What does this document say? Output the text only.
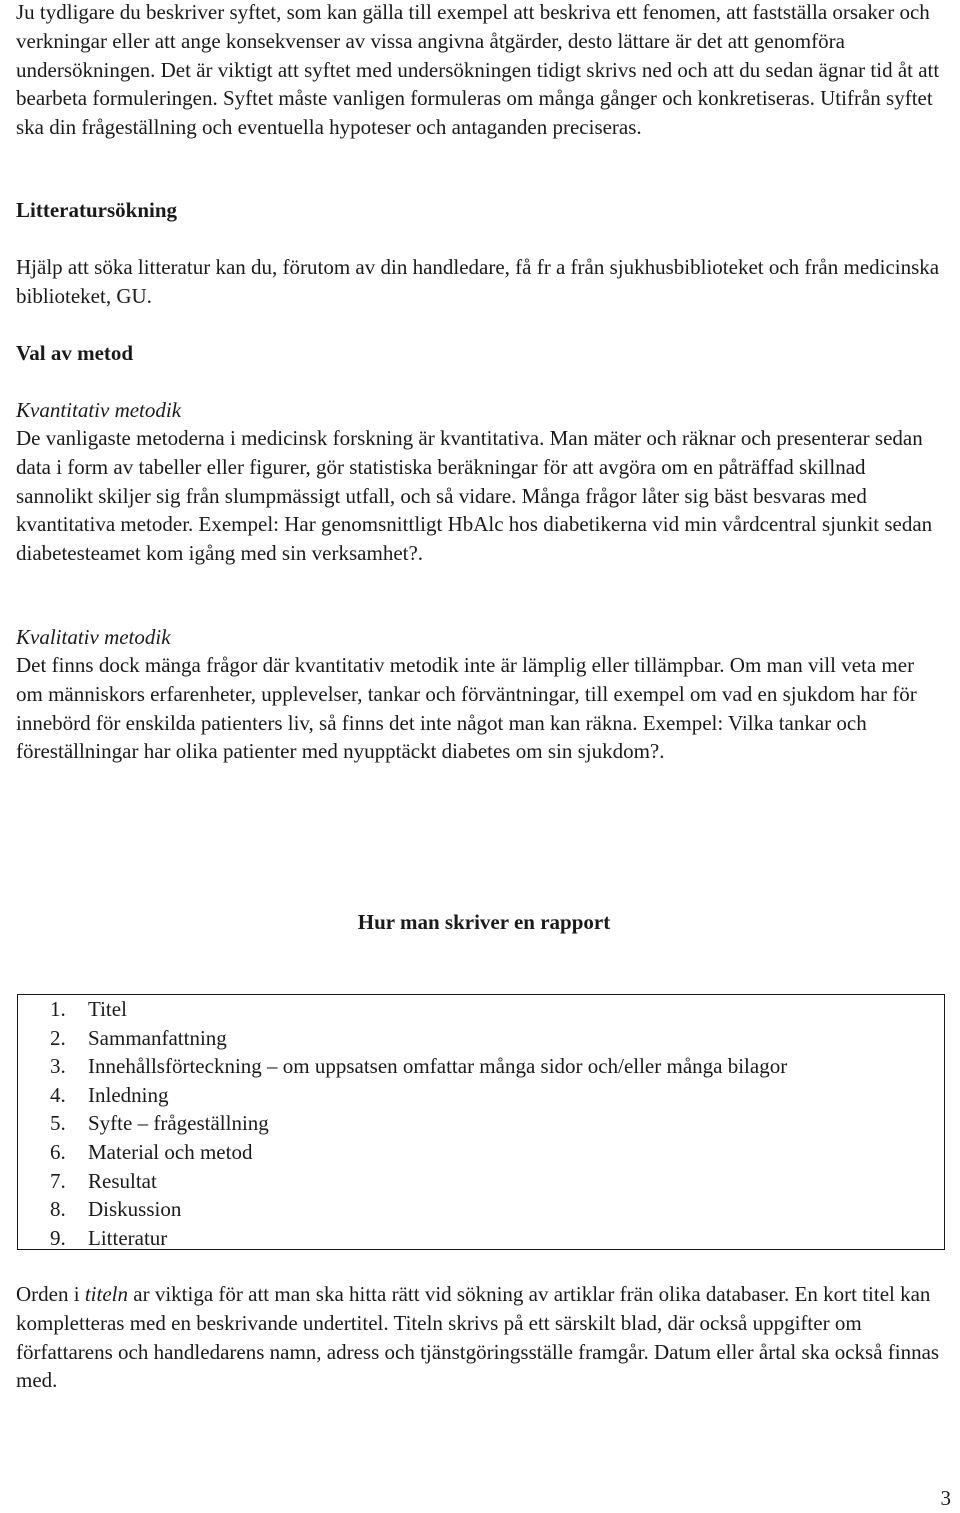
Ju tydligare du beskriver syftet, som kan gälla till exempel att beskriva ett fenomen, att fastställa orsaker och verkningar eller att ange konsekvenser av vissa angivna åtgärder, desto lättare är det att genomföra undersökningen. Det är viktigt att syftet med undersökningen tidigt skrivs ned och att du sedan ägnar tid åt att bearbeta formuleringen. Syftet måste vanligen formuleras om många gånger och konkretiseras. Utifrån syftet ska din frågeställning och eventuella hypoteser och antaganden preciseras.

Litteratursökning

Hjälp att söka litteratur kan du, förutom av din handledare, få fr a från sjukhusbiblioteket och från medicinska biblioteket, GU.

Val av metod

Kvantitativ metodik

De vanligaste metoderna i medicinsk forskning är kvantitativa. Man mäter och räknar och presenterar sedan data i form av tabeller eller figurer, gör statistiska beräkningar för att avgöra om en påträffad skillnad sannolikt skiljer sig från slumpmässigt utfall, och så vidare. Många frågor låter sig bäst besvaras med kvantitativa metoder. Exempel: Har genomsnittligt HbAlc hos diabetikerna vid min vårdcentral sjunkit sedan diabetesteamet kom igång med sin verksamhet?.

Kvalitativ metodik

Det finns dock mänga frågor där kvantitativ metodik inte är lämplig eller tillämpbar. Om man vill veta mer om människors erfarenheter, upplevelser, tankar och förväntningar, till exempel om vad en sjukdom har för innebörd för enskilda patienters liv, så finns det inte något man kan räkna. Exempel: Vilka tankar och föreställningar har olika patienter med nyupptäckt diabetes om sin sjukdom?.

Hur man skriver en rapport

1. Titel
2. Sammanfattning
3. Innehållsförteckning – om uppsatsen omfattar många sidor och/eller många bilagor
4. Inledning
5. Syfte – frågeställning
6. Material och metod
7. Resultat
8. Diskussion
9. Litteratur

Orden i titeln ar viktiga för att man ska hitta rätt vid sökning av artiklar frän olika databaser. En kort titel kan kompletteras med en beskrivande undertitel. Titeln skrivs på ett särskilt blad, där också uppgifter om författarens och handledarens namn, adress och tjänstgöringsställe framgår. Datum eller årtal ska också finnas med.

3
